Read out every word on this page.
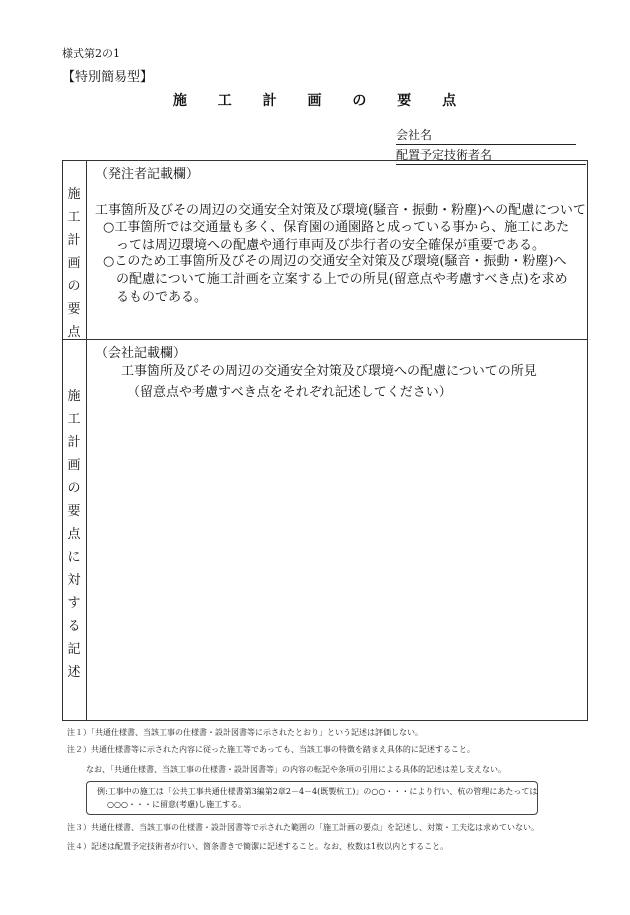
様式第2の1
【特別簡易型】
施 工 計 画 の 要 点
会社名
配置予定技術者名
施工計画の要点
（発注者記載欄）
工事箇所及びその周辺の交通安全対策及び環境(騒音・振動・粉塵)への配慮について
○工事箇所では交通量も多く、保育園の通園路と成っている事から、施工にあたっては周辺環境への配慮や通行車両及び歩行者の安全確保が重要である。
○このため工事箇所及びその周辺の交通安全対策及び環境(騒音・振動・粉塵)への配慮について施工計画を立案する上での所見(留意点や考慮すべき点)を求めるものである。
施工計画の要点に対する記述
（会社記載欄）
工事箇所及びその周辺の交通安全対策及び環境への配慮についての所見
（留意点や考慮すべき点をそれぞれ記述してください）
注１）「共通仕様書、当該工事の仕様書・設計図書等に示されたとおり」という記述は評価しない。
注２）共通仕様書等に示された内容に従った施工等であっても、当該工事の特徴を踏まえ具体的に記述すること。
なお、「共通仕様書、当該工事の仕様書・設計図書等」の内容の転記や条項の引用による具体的記述は差し支えない。
例:工事中の施工は「公共工事共通仕様書第3編第2章2－4－4(既製杭工)」の○○・・・により行い、杭の管理にあたっては
○○○・・・に留意(考慮)し施工する。
注３）共通仕様書、当該工事の仕様書・設計図書等で示された範囲の「施工計画の要点」を記述し、対策・工夫迄は求めていない。
注４）記述は配置予定技術者が行い、箇条書きで簡潔に記述すること。なお、枚数は1枚以内とすること。
